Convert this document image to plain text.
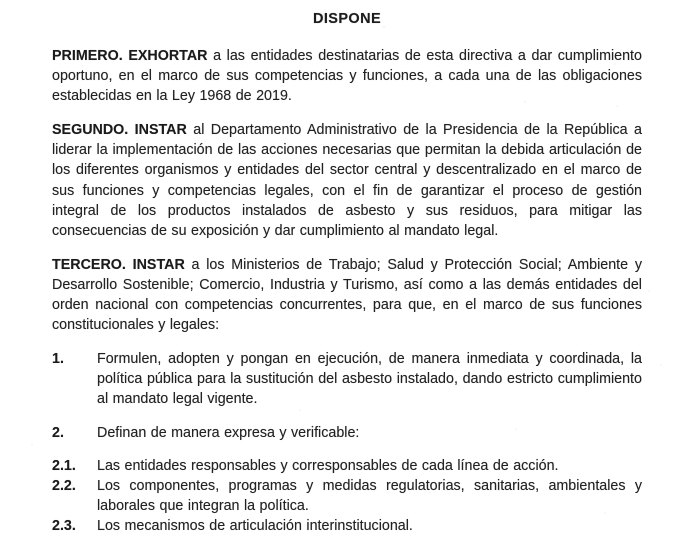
DISPONE

PRIMERO. EXHORTAR a las entidades destinatarias de esta directiva a dar cumplimiento oportuno, en el marco de sus competencias y funciones, a cada una de las obligaciones establecidas en la Ley 1968 de 2019.

SEGUNDO. INSTAR al Departamento Administrativo de la Presidencia de la República a liderar la implementación de las acciones necesarias que permitan la debida articulación de los diferentes organismos y entidades del sector central y descentralizado en el marco de sus funciones y competencias legales, con el fin de garantizar el proceso de gestión integral de los productos instalados de asbesto y sus residuos, para mitigar las consecuencias de su exposición y dar cumplimiento al mandato legal.

TERCERO. INSTAR a los Ministerios de Trabajo; Salud y Protección Social; Ambiente y Desarrollo Sostenible; Comercio, Industria y Turismo, así como a las demás entidades del orden nacional con competencias concurrentes, para que, en el marco de sus funciones constitucionales y legales:

1.	Formulen, adopten y pongan en ejecución, de manera inmediata y coordinada, la política pública para la sustitución del asbesto instalado, dando estricto cumplimiento al mandato legal vigente.
2.	Definan de manera expresa y verificable:
2.1.	Las entidades responsables y corresponsables de cada línea de acción.
2.2.	Los componentes, programas y medidas regulatorias, sanitarias, ambientales y laborales que integran la política.
2.3.	Los mecanismos de articulación interinstitucional.
